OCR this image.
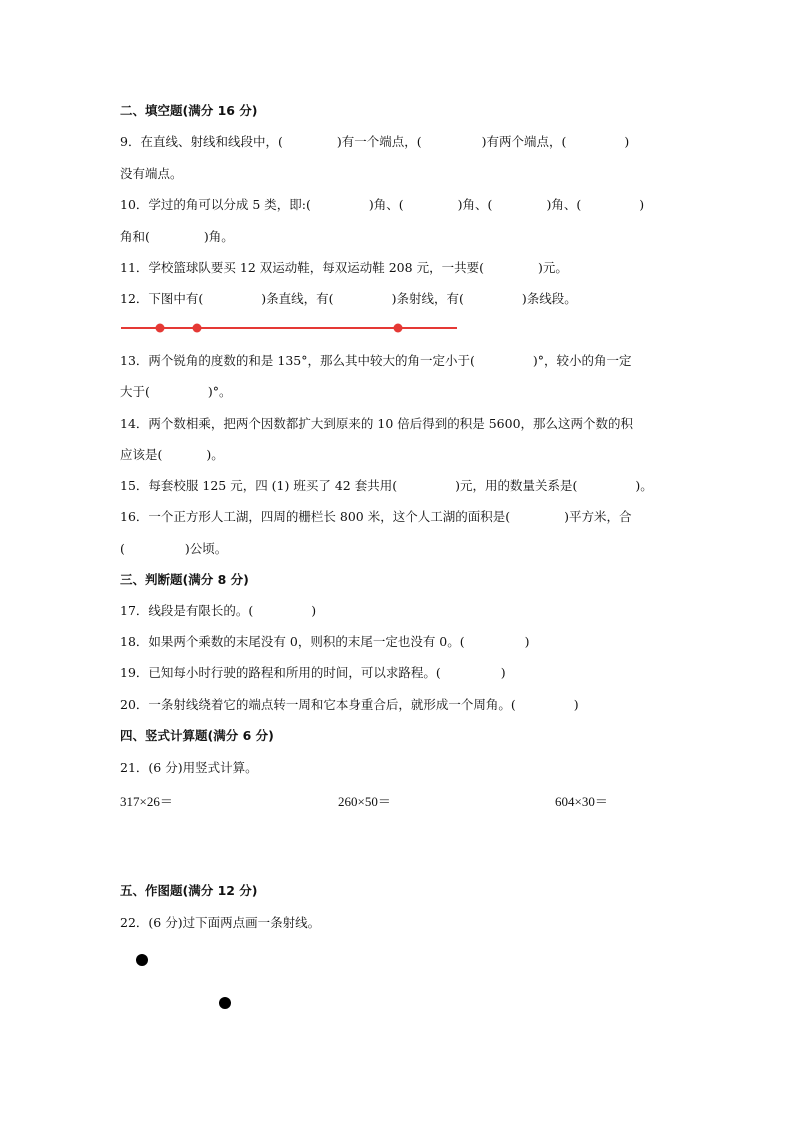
二、填空题(满分 16 分)
9．在直线、射线和线段中，(	)有一个端点，(	)有两个端点，(	)
没有端点。
10．学过的角可以分成 5 类，即:(	)角、(	)角、(	)角、(	)
角和(	)角。
11．学校篮球队要买 12 双运动鞋，每双运动鞋 208 元，一共要(	)元。
12．下图中有(	)条直线，有(	)条射线，有(	)条线段。
13．两个锐角的度数的和是 135°，那么其中较大的角一定小于(	)°，较小的角一定
大于(	)°。
14．两个数相乘，把两个因数都扩大到原来的 10 倍后得到的积是 5600，那么这两个数的积
应该是(	)。
15．每套校服 125 元，四 (1) 班买了 42 套共用(	)元，用的数量关系是(	)。
16．一个正方形人工湖，四周的栅栏长 800 米，这个人工湖的面积是(	)平方米，合
(	)公顷。
三、判断题(满分 8 分)
17．线段是有限长的。(	)
18．如果两个乘数的末尾没有 0，则积的末尾一定也没有 0。(	)
19．已知每小时行驶的路程和所用的时间，可以求路程。(	)
20．一条射线绕着它的端点转一周和它本身重合后，就形成一个周角。(	)
四、竖式计算题(满分 6 分)
21．(6 分)用竖式计算。
317×26＝	260×50＝	604×30＝
五、作图题(满分 12 分)
22．(6 分)过下面两点画一条射线。
